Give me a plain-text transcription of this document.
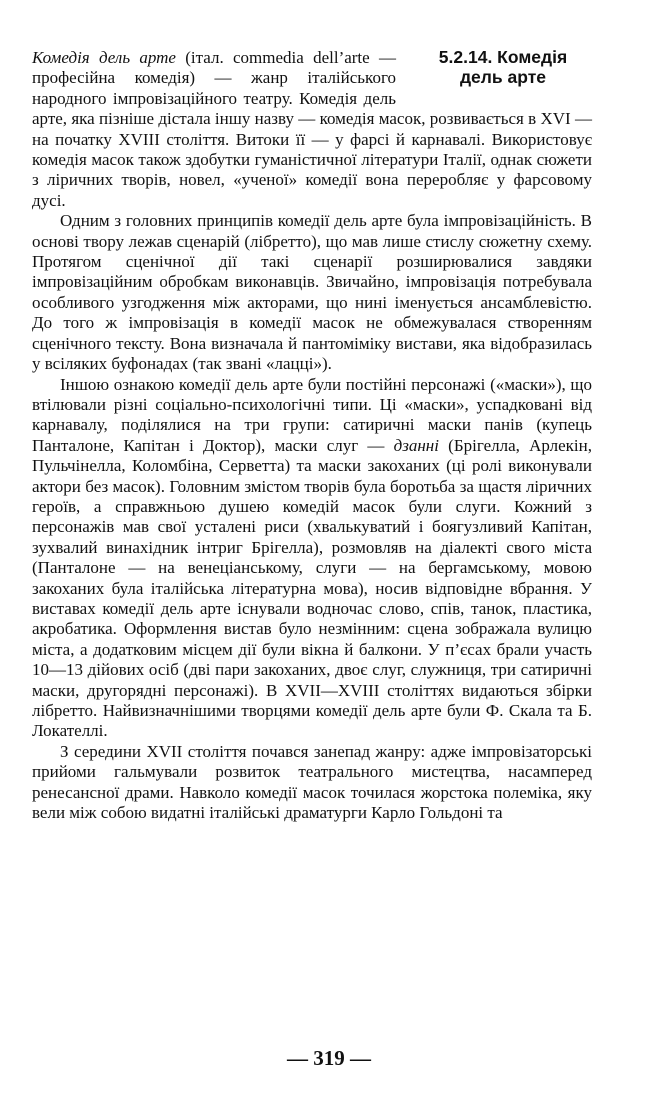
5.2.14. Комедія
дель арте

Комедія дель арте (італ. commedia dell’arte — професійна комедія) — жанр італійського народного імпровізаційного театру. Комедія дель арте, яка пізніше дістала іншу назву — комедія масок, розвивається в XVI — на початку XVIII століття. Витоки її — у фарсі й карнавалі. Використовує комедія масок також здобутки гуманістичної літератури Італії, однак сюжети з ліричних творів, новел, «ученої» комедії вона переробляє у фарсовому дусі.

Одним з головних принципів комедії дель арте була імпровізаційність. В основі твору лежав сценарій (лібретто), що мав лише стислу сюжетну схему. Протягом сценічної дії такі сценарії розширювалися завдяки імпровізаційним обробкам виконавців. Звичайно, імпровізація потребувала особливого узгодження між акторами, що нині іменується ансамблевістю. До того ж імпровізація в комедії масок не обмежувалася створенням сценічного тексту. Вона визначала й пантоміміку вистави, яка відобразилась у всіляких буфонадах (так звані «лацці»).

Іншою ознакою комедії дель арте були постійні персонажі («маски»), що втілювали різні соціально-психологічні типи. Ці «маски», успадковані від карнавалу, поділялися на три групи: сатиричні маски панів (купець Панталоне, Капітан і Доктор), маски слуг — дзанні (Брігелла, Арлекін, Пульчінелла, Коломбіна, Серветта) та маски закоханих (ці ролі виконували актори без масок). Головним змістом творів була боротьба за щастя ліричних героїв, а справжньою душею комедій масок були слуги. Кожний з персонажів мав свої усталені риси (хвалькуватий і боягузливий Капітан, зухвалий винахідник інтриг Брігелла), розмовляв на діалекті свого міста (Панталоне — на венеціанському, слуги — на бергамському, мовою закоханих була італійська літературна мова), носив відповідне вбрання. У виставах комедії дель арте існували водночас слово, спів, танок, пластика, акробатика. Оформлення вистав було незмінним: сцена зображала вулицю міста, а додатковим місцем дії були вікна й балкони. У п’єсах брали участь 10—13 дійових осіб (дві пари закоханих, двоє слуг, служниця, три сатиричні маски, другорядні персонажі). В XVII—XVIII століттях видаються збірки лібретто. Найвизначнішими творцями комедії дель арте були Ф. Скала та Б. Локателлі.

З середини XVII століття почався занепад жанру: адже імпровізаторські прийоми гальмували розвиток театрального мистецтва, насамперед ренесансної драми. Навколо комедії масок точилася жорстока полеміка, яку вели між собою видатні італійські драматурги Карло Гольдоні та

— 319 —
